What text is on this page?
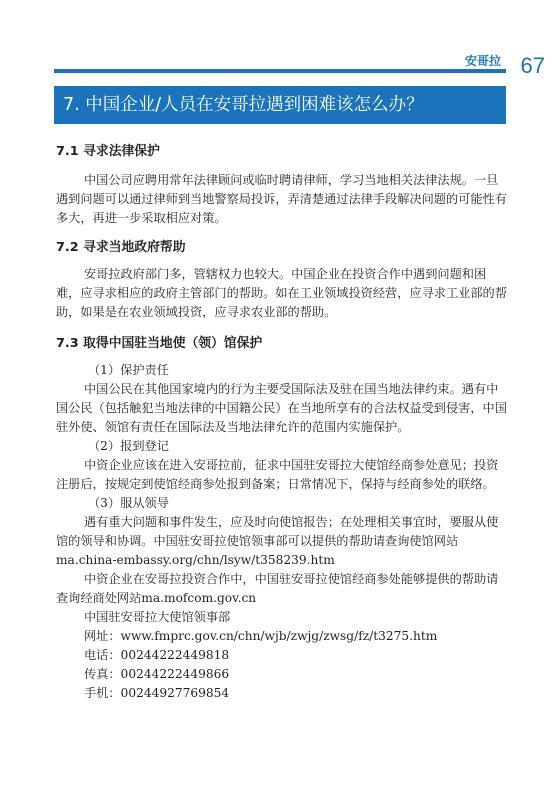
安哥拉 67
7. 中国企业/人员在安哥拉遇到困难该怎么办？
7.1 寻求法律保护

中国公司应聘用常年法律顾问或临时聘请律师，学习当地相关法律法规。一旦遇到问题可以通过律师到当地警察局投诉，弄清楚通过法律手段解决问题的可能性有多大，再进一步采取相应对策。

7.2 寻求当地政府帮助

安哥拉政府部门多，管辖权力也较大。中国企业在投资合作中遇到问题和困难，应寻求相应的政府主管部门的帮助。如在工业领域投资经营，应寻求工业部的帮助，如果是在农业领域投资，应寻求农业部的帮助。

7.3 取得中国驻当地使（领）馆保护

（1）保护责任

中国公民在其他国家境内的行为主要受国际法及驻在国当地法律约束。遇有中国公民（包括触犯当地法律的中国籍公民）在当地所享有的合法权益受到侵害，中国驻外使、领馆有责任在国际法及当地法律允许的范围内实施保护。

（2）报到登记

中资企业应该在进入安哥拉前，征求中国驻安哥拉大使馆经商参处意见；投资注册后，按规定到使馆经商参处报到备案；日常情况下，保持与经商参处的联络。

（3）服从领导

遇有重大问题和事件发生，应及时向使馆报告；在处理相关事宜时，要服从使馆的领导和协调。中国驻安哥拉使馆领事部可以提供的帮助请查询使馆网站ma.china-embassy.org/chn/lsyw/t358239.htm

中资企业在安哥拉投资合作中，中国驻安哥拉使馆经商参处能够提供的帮助请查询经商处网站ma.mofcom.gov.cn

中国驻安哥拉大使馆领事部

网址：www.fmprc.gov.cn/chn/wjb/zwjg/zwsg/fz/t3275.htm

电话：00244222449818

传真：00244222449866

手机：00244927769854
